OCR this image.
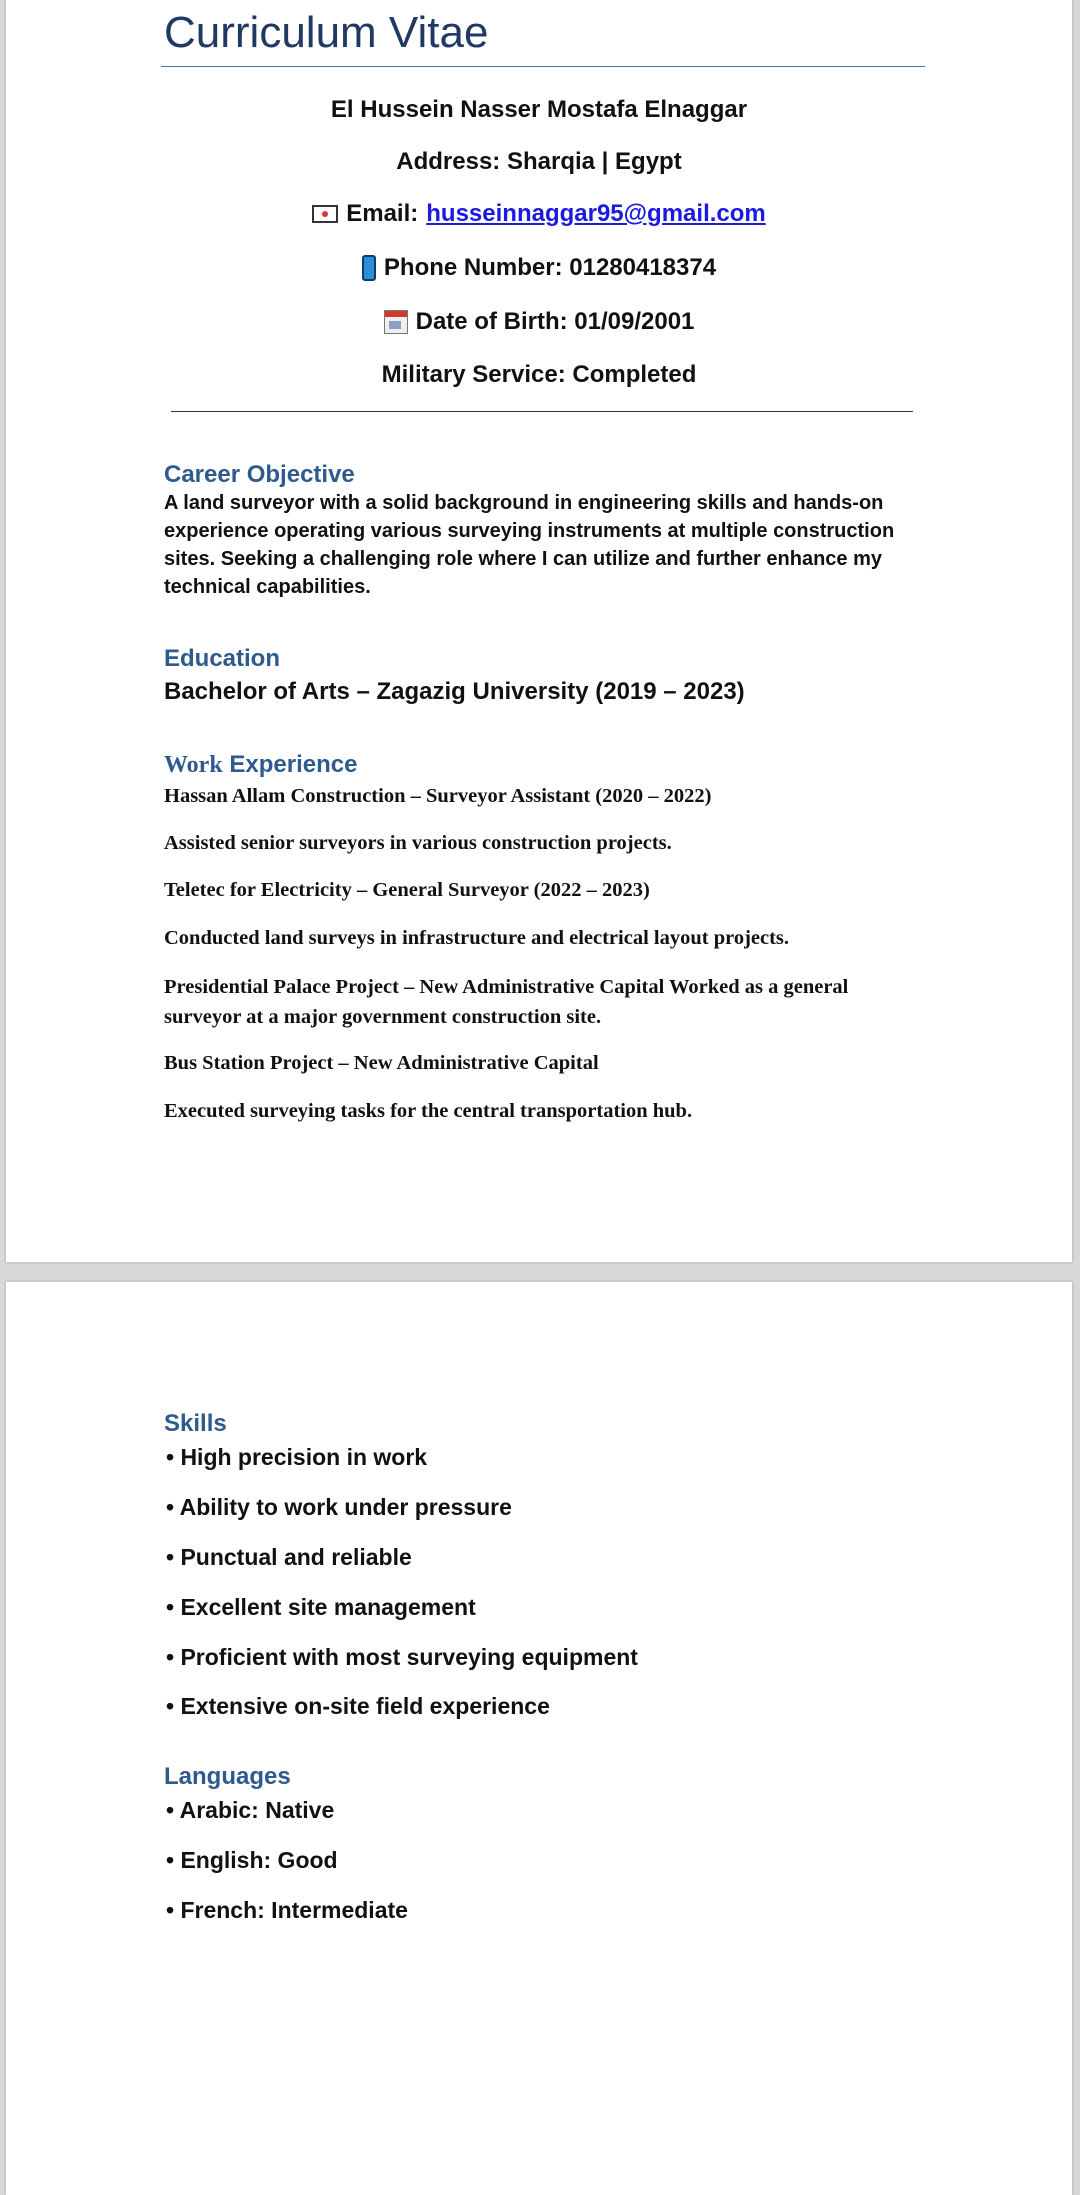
Curriculum Vitae
El Hussein Nasser Mostafa Elnaggar
Address: Sharqia | Egypt
Email: husseinnaggar95@gmail.com
Phone Number: 01280418374
Date of Birth: 01/09/2001
Military Service: Completed
Career Objective
A land surveyor with a solid background in engineering skills and hands-on experience operating various surveying instruments at multiple construction sites. Seeking a challenging role where I can utilize and further enhance my technical capabilities.
Education
Bachelor of Arts – Zagazig University (2019 – 2023)
Work Experience
Hassan Allam Construction – Surveyor Assistant (2020 – 2022)
Assisted senior surveyors in various construction projects.
Teletec for Electricity – General Surveyor (2022 – 2023)
Conducted land surveys in infrastructure and electrical layout projects.
Presidential Palace Project – New Administrative Capital Worked as a general surveyor at a major government construction site.
Bus Station Project – New Administrative Capital
Executed surveying tasks for the central transportation hub.
Skills
• High precision in work
• Ability to work under pressure
• Punctual and reliable
• Excellent site management
• Proficient with most surveying equipment
• Extensive on-site field experience
Languages
• Arabic: Native
• English: Good
• French: Intermediate
